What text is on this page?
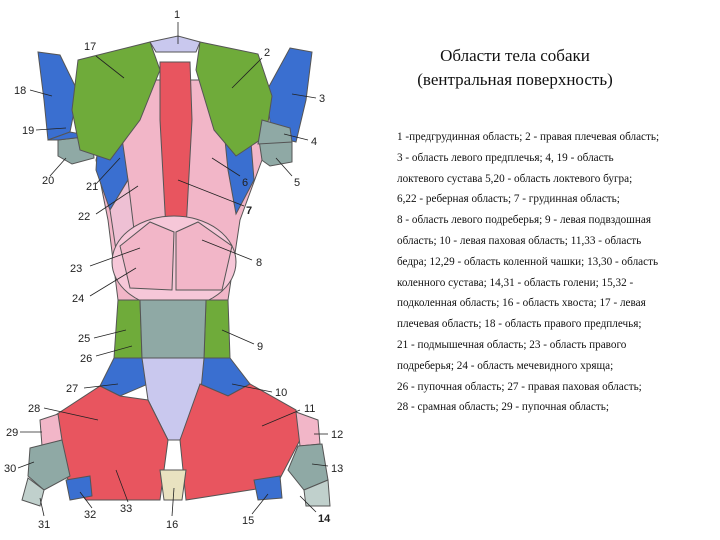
1
2
3
4
5
6
7
8
9
10
11
12
13
14
15
16
17
18
19
20	21
22
23
24
25
26
27
28
29
30
31
32 33
Области тела собаки
(вентральная поверхность)
1 -предгрудинная область; 2 - правая плечевая область;
3 - область левого предплечья; 4, 19 - область
локтевого сустава 5,20 - область локтевого бугра;
6,22 - реберная область; 7 - грудинная область;
8 - область левого подреберья; 9 - левая подвздошная
область; 10 - левая паховая область; 11,33 - область
бедра; 12,29 - область коленной чашки; 13,30 - область
коленного сустава; 14,31 - область голени; 15,32 -
подколенная область; 16 - область хвоста; 17 - левая
плечевая область; 18 - область правого предплечья;
21 - подмышечная область; 23 - область правого
подреберья; 24 - область мечевидного хряща;
26 - пупочная область; 27 - правая паховая область;
28 - срамная область; 29 - пупочная область;
